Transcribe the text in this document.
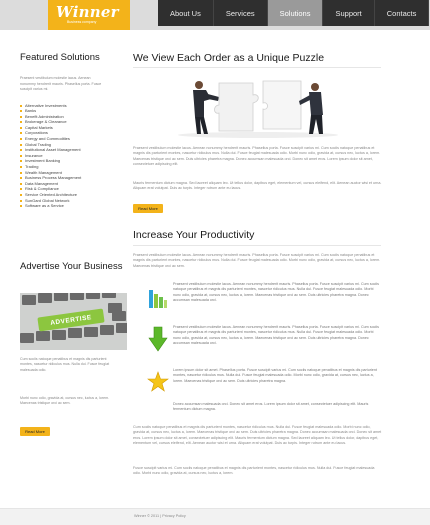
Winner
Business company
About Us	Services	Solutions	Support	Contacts
Featured Solutions
Praesent vestibulum molestie lacus. Aenean nonummy hendrerit mauris. Phasellus porta. Fusce suscipit varius mi.
Alternative Investments
Banks
Benefit Administration
Brokerage & Clearance
Capital Markets
Corporations
Energy and Commodities
Global Trading
Institutional Asset Management
Insurance
Investment Banking
Trading
Wealth Management
Business Process Management
Data Management
Risk & Compliance
Service Oriented Architecture
SunGard Global Network
Software as a Service
Advertise Your Business
ADVERTISE
Cum sociis natoque penatibus et magnis dis parturient montes, nascetur ridiculus mus. Nulla dui. Fusce feugiat malesuada odio.
Morbi nunc odio, gravida at, cursus nec, luctus a, lorem. Maecenas tristique orci ac sem.
Read More
We View Each Order as a Unique Puzzle
Praesent vestibulum molestie lacus. Aenean nonummy hendrerit mauris. Phasellus porta. Fusce suscipit varius mi. Cum sociis natoque penatibus et magnis dis parturient montes, nascetur ridiculus mus. Nulla dui. Fusce feugiat malesuada odio. Morbi nunc odio, gravida at, cursus nec, luctus a, lorem. Maecenas tristique orci ac sem. Duis ultricies pharetra magna. Donec accumsan malesuada orci. Donec sit amet eros. Lorem ipsum dolor sit amet, consectetuer adipiscing elit.
Mauris fermentum dictum magna. Sed laoreet aliquam leo. Ut tellus dolor, dapibus eget, elementum vel, cursus eleifend, elit. Aenean auctor wisi et urna. Aliquam erat volutpat. Duis ac turpis. Integer rutrum ante eu lacus.
Read More
Increase Your Productivity
Praesent vestibulum molestie lacus. Aenean nonummy hendrerit mauris. Phasellus porta. Fusce suscipit varius mi. Cum sociis natoque penatibus et magnis dis parturient montes, nascetur ridiculus mus. Nulla dui. Fusce feugiat malesuada odio. Morbi nunc odio, gravida at, cursus nec, luctus a, lorem. Maecenas tristique orci ac sem.
Praesent vestibulum molestie lacus. Aenean nonummy hendrerit mauris. Phasellus porta. Fusce suscipit varius mi. Cum sociis natoque penatibus et magnis dis parturient montes, nascetur ridiculus mus. Nulla dui. Fusce feugiat malesuada odio. Morbi nunc odio, gravida at, cursus nec, luctus a, lorem. Maecenas tristique orci ac sem. Duis ultricies pharetra magna. Donec accumsan malesuada orci.
Praesent vestibulum molestie lacus. Aenean nonummy hendrerit mauris. Phasellus porta. Fusce suscipit varius mi. Cum sociis natoque penatibus et magnis dis parturient montes, nascetur ridiculus mus. Nulla dui. Fusce feugiat malesuada odio. Morbi nunc odio, gravida at, cursus nec, luctus a, lorem. Maecenas tristique orci ac sem. Duis ultricies pharetra magna. Donec accumsan malesuada orci.
Lorem ipsum dolor sit amet. Phasellus porta. Fusce suscipit varius mi. Cum sociis natoque penatibus et magnis dis parturient montes, nascetur ridiculus mus. Nulla dui. Fusce feugiat malesuada odio. Morbi nunc odio, gravida at, cursus nec, luctus a, lorem. Maecenas tristique orci ac sem. Duis ultricies pharetra magna.
Donec accumsan malesuada orci. Donec sit amet eros. Lorem ipsum dolor sit amet, consectetuer adipiscing elit. Mauris fermentum dictum magna.
Cum sociis natoque penatibus et magnis dis parturient montes, nascetur ridiculus mus. Nulla dui. Fusce feugiat malesuada odio. Morbi nunc odio, gravida at, cursus nec, luctus a, lorem. Maecenas tristique orci ac sem. Duis ultricies pharetra magna. Donec accumsan malesuada orci. Donec sit amet eros. Lorem ipsum dolor sit amet, consectetuer adipiscing elit. Mauris fermentum dictum magna. Sed laoreet aliquam leo. Ut tellus dolor, dapibus eget, elementum vel, cursus eleifend, elit. Aenean auctor wisi et urna. Aliquam erat volutpat. Duis ac turpis. Integer rutrum ante eu lacus.
Fusce suscipit varius mi. Cum sociis natoque penatibus et magnis dis parturient montes, nascetur ridiculus mus. Nulla dui. Fusce feugiat malesuada odio. Morbi nunc odio, gravida at, cursus nec, luctus a, lorem.
Winner © 2011 | Privacy Policy
